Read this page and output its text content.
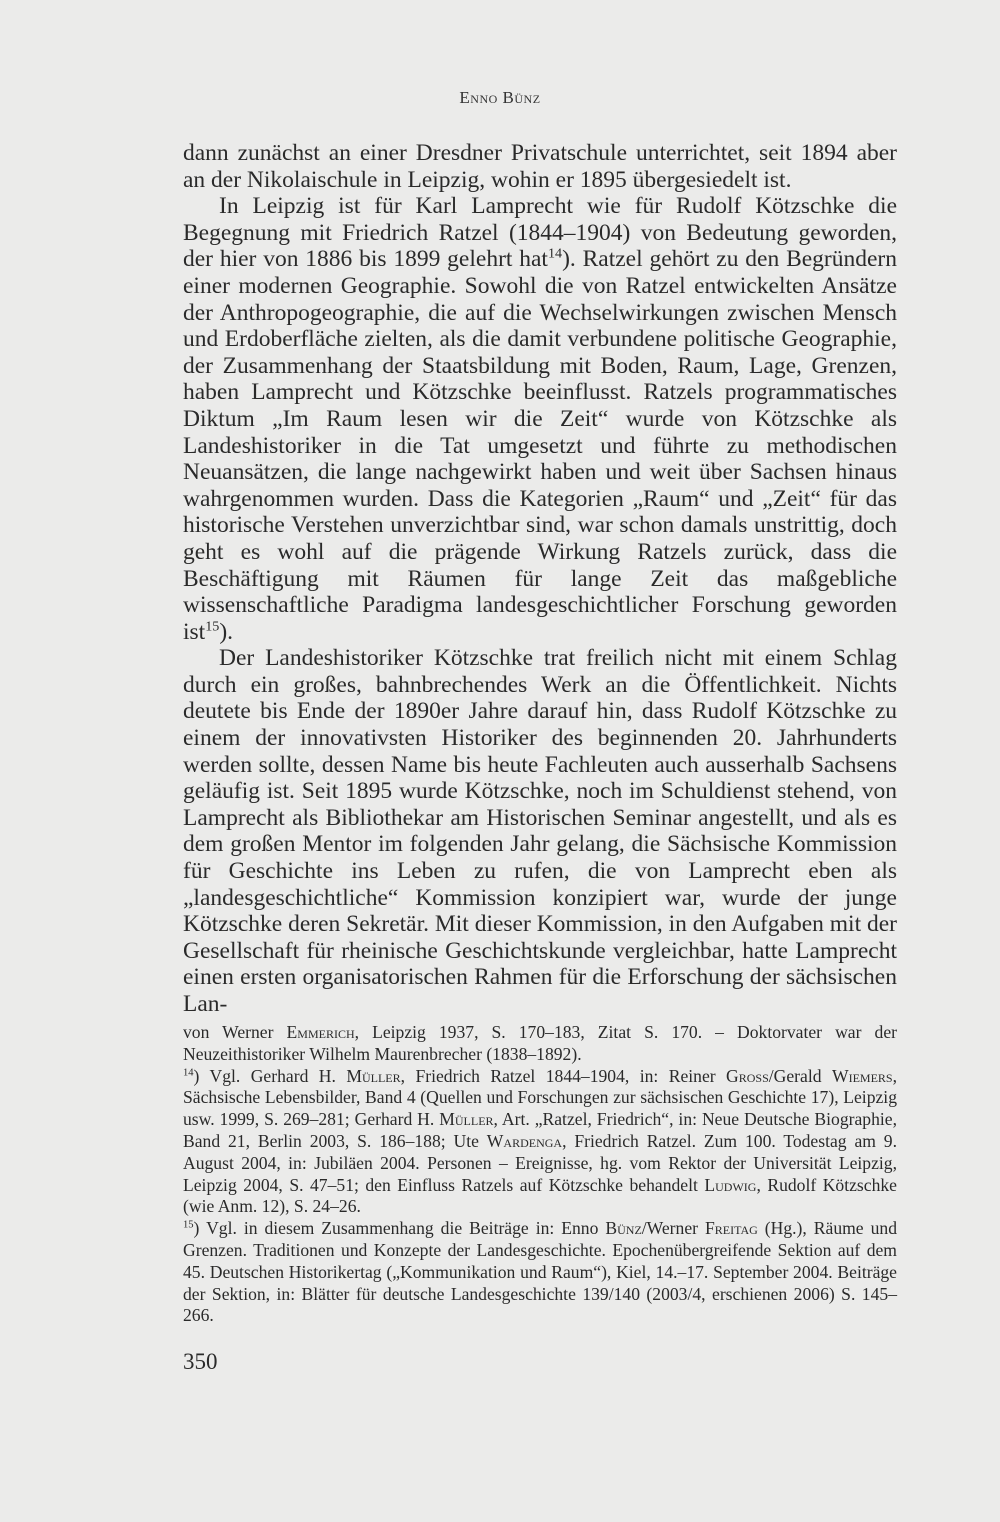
Enno Bünz

dann zunächst an einer Dresdner Privatschule unterrichtet, seit 1894 aber an der Nikolaischule in Leipzig, wohin er 1895 übergesiedelt ist.

In Leipzig ist für Karl Lamprecht wie für Rudolf Kötzschke die Begegnung mit Friedrich Ratzel (1844–1904) von Bedeutung geworden, der hier von 1886 bis 1899 gelehrt hat$^{14}$). Ratzel gehört zu den Begründern einer modernen Geographie. Sowohl die von Ratzel entwickelten Ansätze der Anthropogeographie, die auf die Wechselwirkungen zwischen Mensch und Erdoberfläche zielten, als die damit verbundene politische Geographie, der Zusammenhang der Staatsbildung mit Boden, Raum, Lage, Grenzen, haben Lamprecht und Kötzschke beeinflusst. Ratzels programmatisches Diktum „Im Raum lesen wir die Zeit“ wurde von Kötzschke als Landeshistoriker in die Tat umgesetzt und führte zu methodischen Neuansätzen, die lange nachgewirkt haben und weit über Sachsen hinaus wahrgenommen wurden. Dass die Kategorien „Raum“ und „Zeit“ für das historische Verstehen unverzichtbar sind, war schon damals unstrittig, doch geht es wohl auf die prägende Wirkung Ratzels zurück, dass die Beschäftigung mit Räumen für lange Zeit das maßgebliche wissenschaftliche Paradigma landesgeschichtlicher Forschung geworden ist$^{15}$).

Der Landeshistoriker Kötzschke trat freilich nicht mit einem Schlag durch ein großes, bahnbrechendes Werk an die Öffentlichkeit. Nichts deutete bis Ende der 1890er Jahre darauf hin, dass Rudolf Kötzschke zu einem der innovativsten Historiker des beginnenden 20. Jahrhunderts werden sollte, dessen Name bis heute Fachleuten auch ausserhalb Sachsens geläufig ist. Seit 1895 wurde Kötzschke, noch im Schuldienst stehend, von Lamprecht als Bibliothekar am Historischen Seminar angestellt, und als es dem großen Mentor im folgenden Jahr gelang, die Sächsische Kommission für Geschichte ins Leben zu rufen, die von Lamprecht eben als „landesgeschichtliche“ Kommission konzipiert war, wurde der junge Kötzschke deren Sekretär. Mit dieser Kommission, in den Aufgaben mit der Gesellschaft für rheinische Geschichtskunde vergleichbar, hatte Lamprecht einen ersten organisatorischen Rahmen für die Erforschung der sächsischen Lan-

von Werner Emmerich, Leipzig 1937, S. 170–183, Zitat S. 170. – Doktorvater war der Neuzeithistoriker Wilhelm Maurenbrecher (1838–1892).

$^{14}$) Vgl. Gerhard H. Müller, Friedrich Ratzel 1844–1904, in: Reiner Gross/Gerald Wiemers, Sächsische Lebensbilder, Band 4 (Quellen und Forschungen zur sächsischen Geschichte 17), Leipzig usw. 1999, S. 269–281; Gerhard H. Müller, Art. „Ratzel, Friedrich“, in: Neue Deutsche Biographie, Band 21, Berlin 2003, S. 186–188; Ute Wardenga, Friedrich Ratzel. Zum 100. Todestag am 9. August 2004, in: Jubiläen 2004. Personen – Ereignisse, hg. vom Rektor der Universität Leipzig, Leipzig 2004, S. 47–51; den Einfluss Ratzels auf Kötzschke behandelt Ludwig, Rudolf Kötzschke (wie Anm. 12), S. 24–26.

$^{15}$) Vgl. in diesem Zusammenhang die Beiträge in: Enno Bünz/Werner Freitag (Hg.), Räume und Grenzen. Traditionen und Konzepte der Landesgeschichte. Epochenübergreifende Sektion auf dem 45. Deutschen Historikertag („Kommunikation und Raum“), Kiel, 14.–17. September 2004. Beiträge der Sektion, in: Blätter für deutsche Landesgeschichte 139/140 (2003/4, erschienen 2006) S. 145–266.

350
